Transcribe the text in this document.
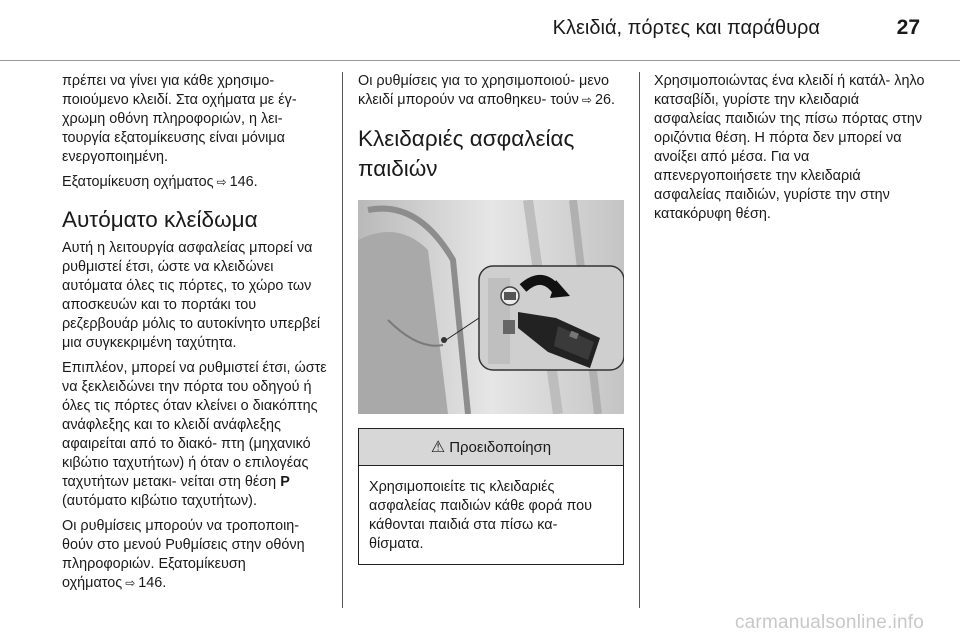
Κλειδιά, πόρτες και παράθυρα	27

πρέπει να γίνει για κάθε χρησιμο- ποιούμενο κλειδί. Στα οχήματα με έγ- χρωμη οθόνη πληροφοριών, η λει- τουργία εξατομίκευσης είναι μόνιμα ενεργοποιημένη.

Εξατομίκευση οχήματος ⇨ 146.

Αυτόματο κλείδωμα

Αυτή η λειτουργία ασφαλείας μπορεί να ρυθμιστεί έτσι, ώστε να κλειδώνει αυτόματα όλες τις πόρτες, το χώρο των αποσκευών και το πορτάκι του ρεζερβουάρ μόλις το αυτοκίνητο υπερβεί μια συγκεκριμένη ταχύτητα.

Επιπλέον, μπορεί να ρυθμιστεί έτσι, ώστε να ξεκλειδώνει την πόρτα του οδηγού ή όλες τις πόρτες όταν κλείνει ο διακόπτης ανάφλεξης και το κλειδί ανάφλεξης αφαιρείται από το διακό- πτη (μηχανικό κιβώτιο ταχυτήτων) ή όταν ο επιλογέας ταχυτήτων μετακι- νείται στη θέση P (αυτόματο κιβώτιο ταχυτήτων).

Οι ρυθμίσεις μπορούν να τροποποιη- θούν στο μενού Ρυθμίσεις στην οθόνη πληροφοριών. Εξατομίκευση οχήματος ⇨ 146.

Οι ρυθμίσεις για το χρησιμοποιού- μενο κλειδί μπορούν να αποθηκευ- τούν ⇨ 26.

Κλειδαριές ασφαλείας παιδιών
⚠ Προειδοποίηση
Χρησιμοποιείτε τις κλειδαριές ασφαλείας παιδιών κάθε φορά που κάθονται παιδιά στα πίσω κα- θίσματα.

Χρησιμοποιώντας ένα κλειδί ή κατάλ- ληλο κατσαβίδι, γυρίστε την κλειδαριά ασφαλείας παιδιών της πίσω πόρτας στην οριζόντια θέση. Η πόρτα δεν μπορεί να ανοίξει από μέσα. Για να απενεργοποιήσετε την κλειδαριά ασφαλείας παιδιών, γυρίστε την στην κατακόρυφη θέση.

carmanualsonline.info
